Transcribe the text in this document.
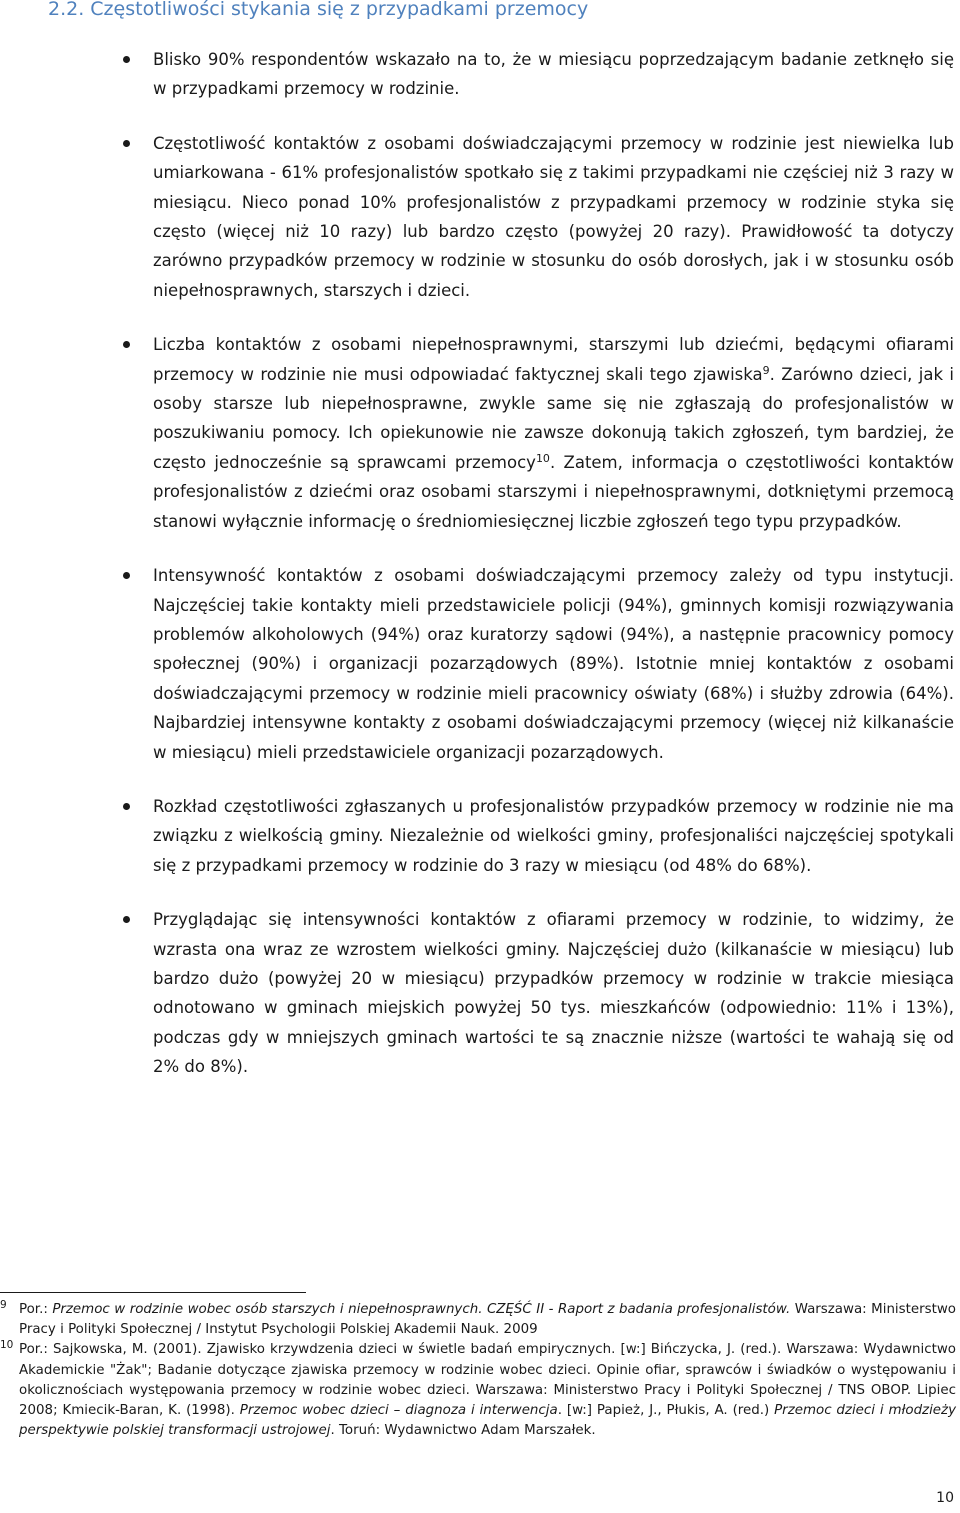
2.2. Częstotliwości stykania się z przypadkami przemocy
Blisko 90% respondentów wskazało na to, że w miesiącu poprzedzającym badanie zetknęło się w przypadkami przemocy w rodzinie.
Częstotliwość kontaktów z osobami doświadczającymi przemocy w rodzinie jest niewielka lub umiarkowana - 61% profesjonalistów spotkało się z takimi przypadkami nie częściej niż 3 razy w miesiącu. Nieco ponad 10% profesjonalistów z przypadkami przemocy w rodzinie styka się często (więcej niż 10 razy) lub bardzo często (powyżej 20 razy). Prawidłowość ta dotyczy zarówno przypadków przemocy w rodzinie w stosunku do osób dorosłych, jak i w stosunku osób niepełnosprawnych, starszych i dzieci.
Liczba kontaktów z osobami niepełnosprawnymi, starszymi lub dziećmi, będącymi ofiarami przemocy w rodzinie nie musi odpowiadać faktycznej skali tego zjawiska$^9$. Zarówno dzieci, jak i osoby starsze lub niepełnosprawne, zwykle same się nie zgłaszają do profesjonalistów w poszukiwaniu pomocy. Ich opiekunowie nie zawsze dokonują takich zgłoszeń, tym bardziej, że często jednocześnie są sprawcami przemocy$^{10}$. Zatem, informacja o częstotliwości kontaktów profesjonalistów z dziećmi oraz osobami starszymi i niepełnosprawnymi, dotkniętymi przemocą stanowi wyłącznie informację o średniomiesięcznej liczbie zgłoszeń tego typu przypadków.
Intensywność kontaktów z osobami doświadczającymi przemocy zależy od typu instytucji. Najczęściej takie kontakty mieli przedstawiciele policji (94%), gminnych komisji rozwiązywania problemów alkoholowych (94%) oraz kuratorzy sądowi (94%), a następnie pracownicy pomocy społecznej (90%) i organizacji pozarządowych (89%). Istotnie mniej kontaktów z osobami doświadczającymi przemocy w rodzinie mieli pracownicy oświaty (68%) i służby zdrowia (64%). Najbardziej intensywne kontakty z osobami doświadczającymi przemocy (więcej niż kilkanaście w miesiącu) mieli przedstawiciele organizacji pozarządowych.
Rozkład częstotliwości zgłaszanych u profesjonalistów przypadków przemocy w rodzinie nie ma związku z wielkością gminy. Niezależnie od wielkości gminy, profesjonaliści najczęściej spotykali się z przypadkami przemocy w rodzinie do 3 razy w miesiącu (od 48% do 68%).
Przyglądając się intensywności kontaktów z ofiarami przemocy w rodzinie, to widzimy, że wzrasta ona wraz ze wzrostem wielkości gminy. Najczęściej dużo (kilkanaście w miesiącu) lub bardzo dużo (powyżej 20 w miesiącu) przypadków przemocy w rodzinie w trakcie miesiąca odnotowano w gminach miejskich powyżej 50 tys. mieszkańców (odpowiednio: 11% i 13%), podczas gdy w mniejszych gminach wartości te są znacznie niższe (wartości te wahają się od 2% do 8%).
9 Por.: Przemoc w rodzinie wobec osób starszych i niepełnosprawnych. CZĘŚĆ II - Raport z badania profesjonalistów. Warszawa: Ministerstwo Pracy i Polityki Społecznej / Instytut Psychologii Polskiej Akademii Nauk. 2009
10 Por.: Sajkowska, M. (2001). Zjawisko krzywdzenia dzieci w świetle badań empirycznych. [w:] Bińczycka, J. (red.). Warszawa: Wydawnictwo Akademickie "Żak"; Badanie dotyczące zjawiska przemocy w rodzinie wobec dzieci. Opinie ofiar, sprawców i świadków o występowaniu i okolicznościach występowania przemocy w rodzinie wobec dzieci. Warszawa: Ministerstwo Pracy i Polityki Społecznej / TNS OBOP. Lipiec 2008; Kmiecik-Baran, K. (1998). Przemoc wobec dzieci – diagnoza i interwencja. [w:] Papież, J., Płukis, A. (red.) Przemoc dzieci i młodzieży perspektywie polskiej transformacji ustrojowej. Toruń: Wydawnictwo Adam Marszałek.
10
